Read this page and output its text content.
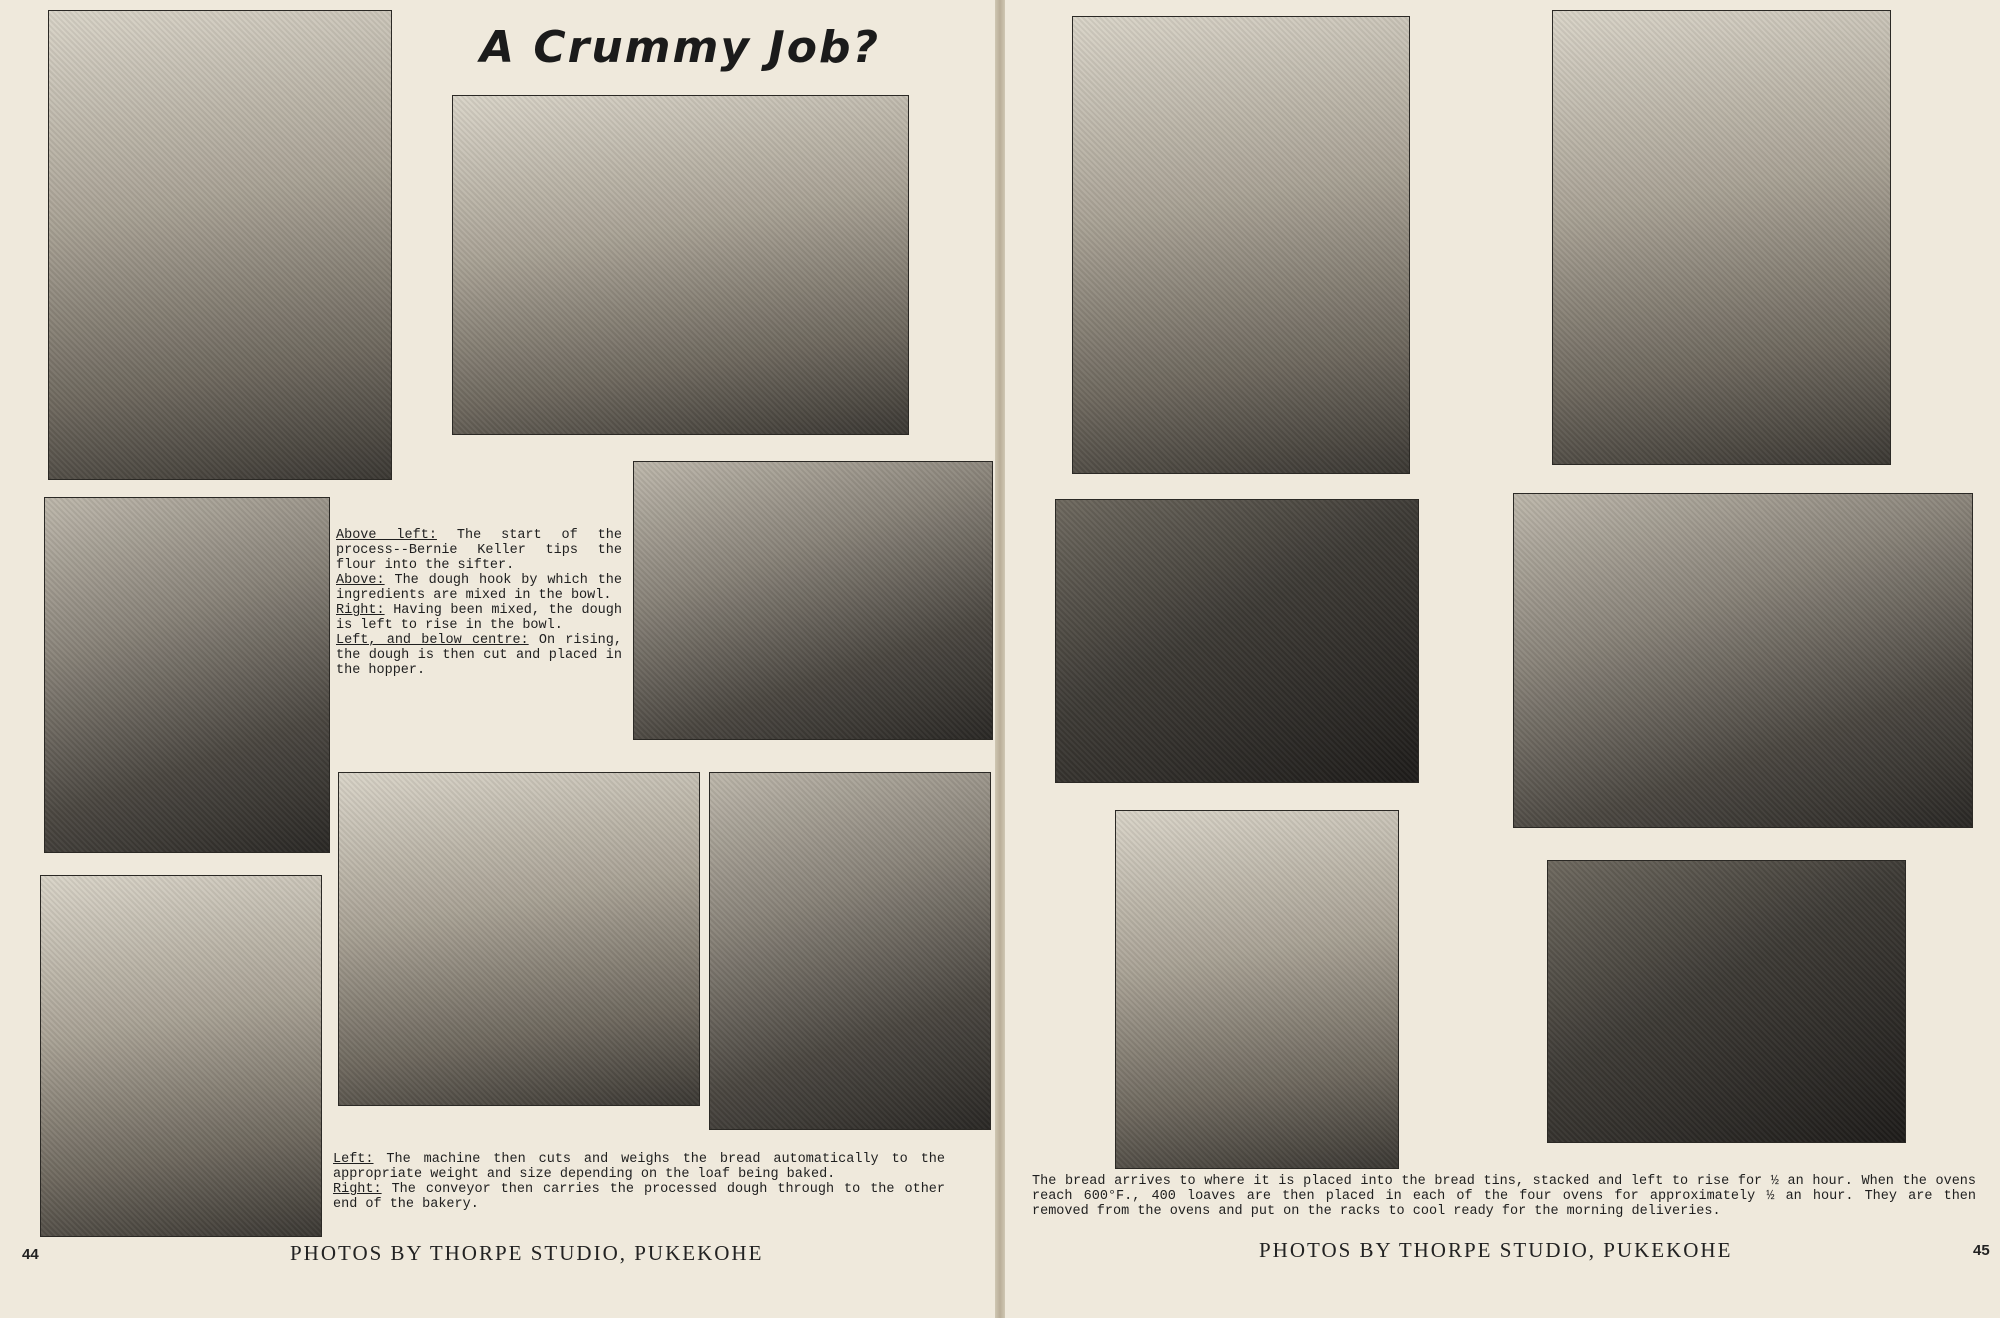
A Crummy Job?

Above left: The start of the process--Bernie Keller tips the flour into the sifter.

Above: The dough hook by which the ingredients are mixed in the bowl.

Right: Having been mixed, the dough is left to rise in the bowl.

Left, and below centre: On rising, the dough is then cut and placed in the hopper.

Left: The machine then cuts and weighs the bread automatically to the appropriate weight and size depending on the loaf being baked.

Right: The conveyor then carries the processed dough through to the other end of the bakery.

44	PHOTOS BY THORPE STUDIO, PUKEKOHE
The bread arrives to where it is placed into the bread tins, stacked and left to rise for ½ an hour. When the ovens reach 600°F., 400 loaves are then placed in each of the four ovens for approximately ½ an hour. They are then removed from the ovens and put on the racks to cool ready for the morning deliveries.
PHOTOS BY THORPE STUDIO, PUKEKOHE	45
